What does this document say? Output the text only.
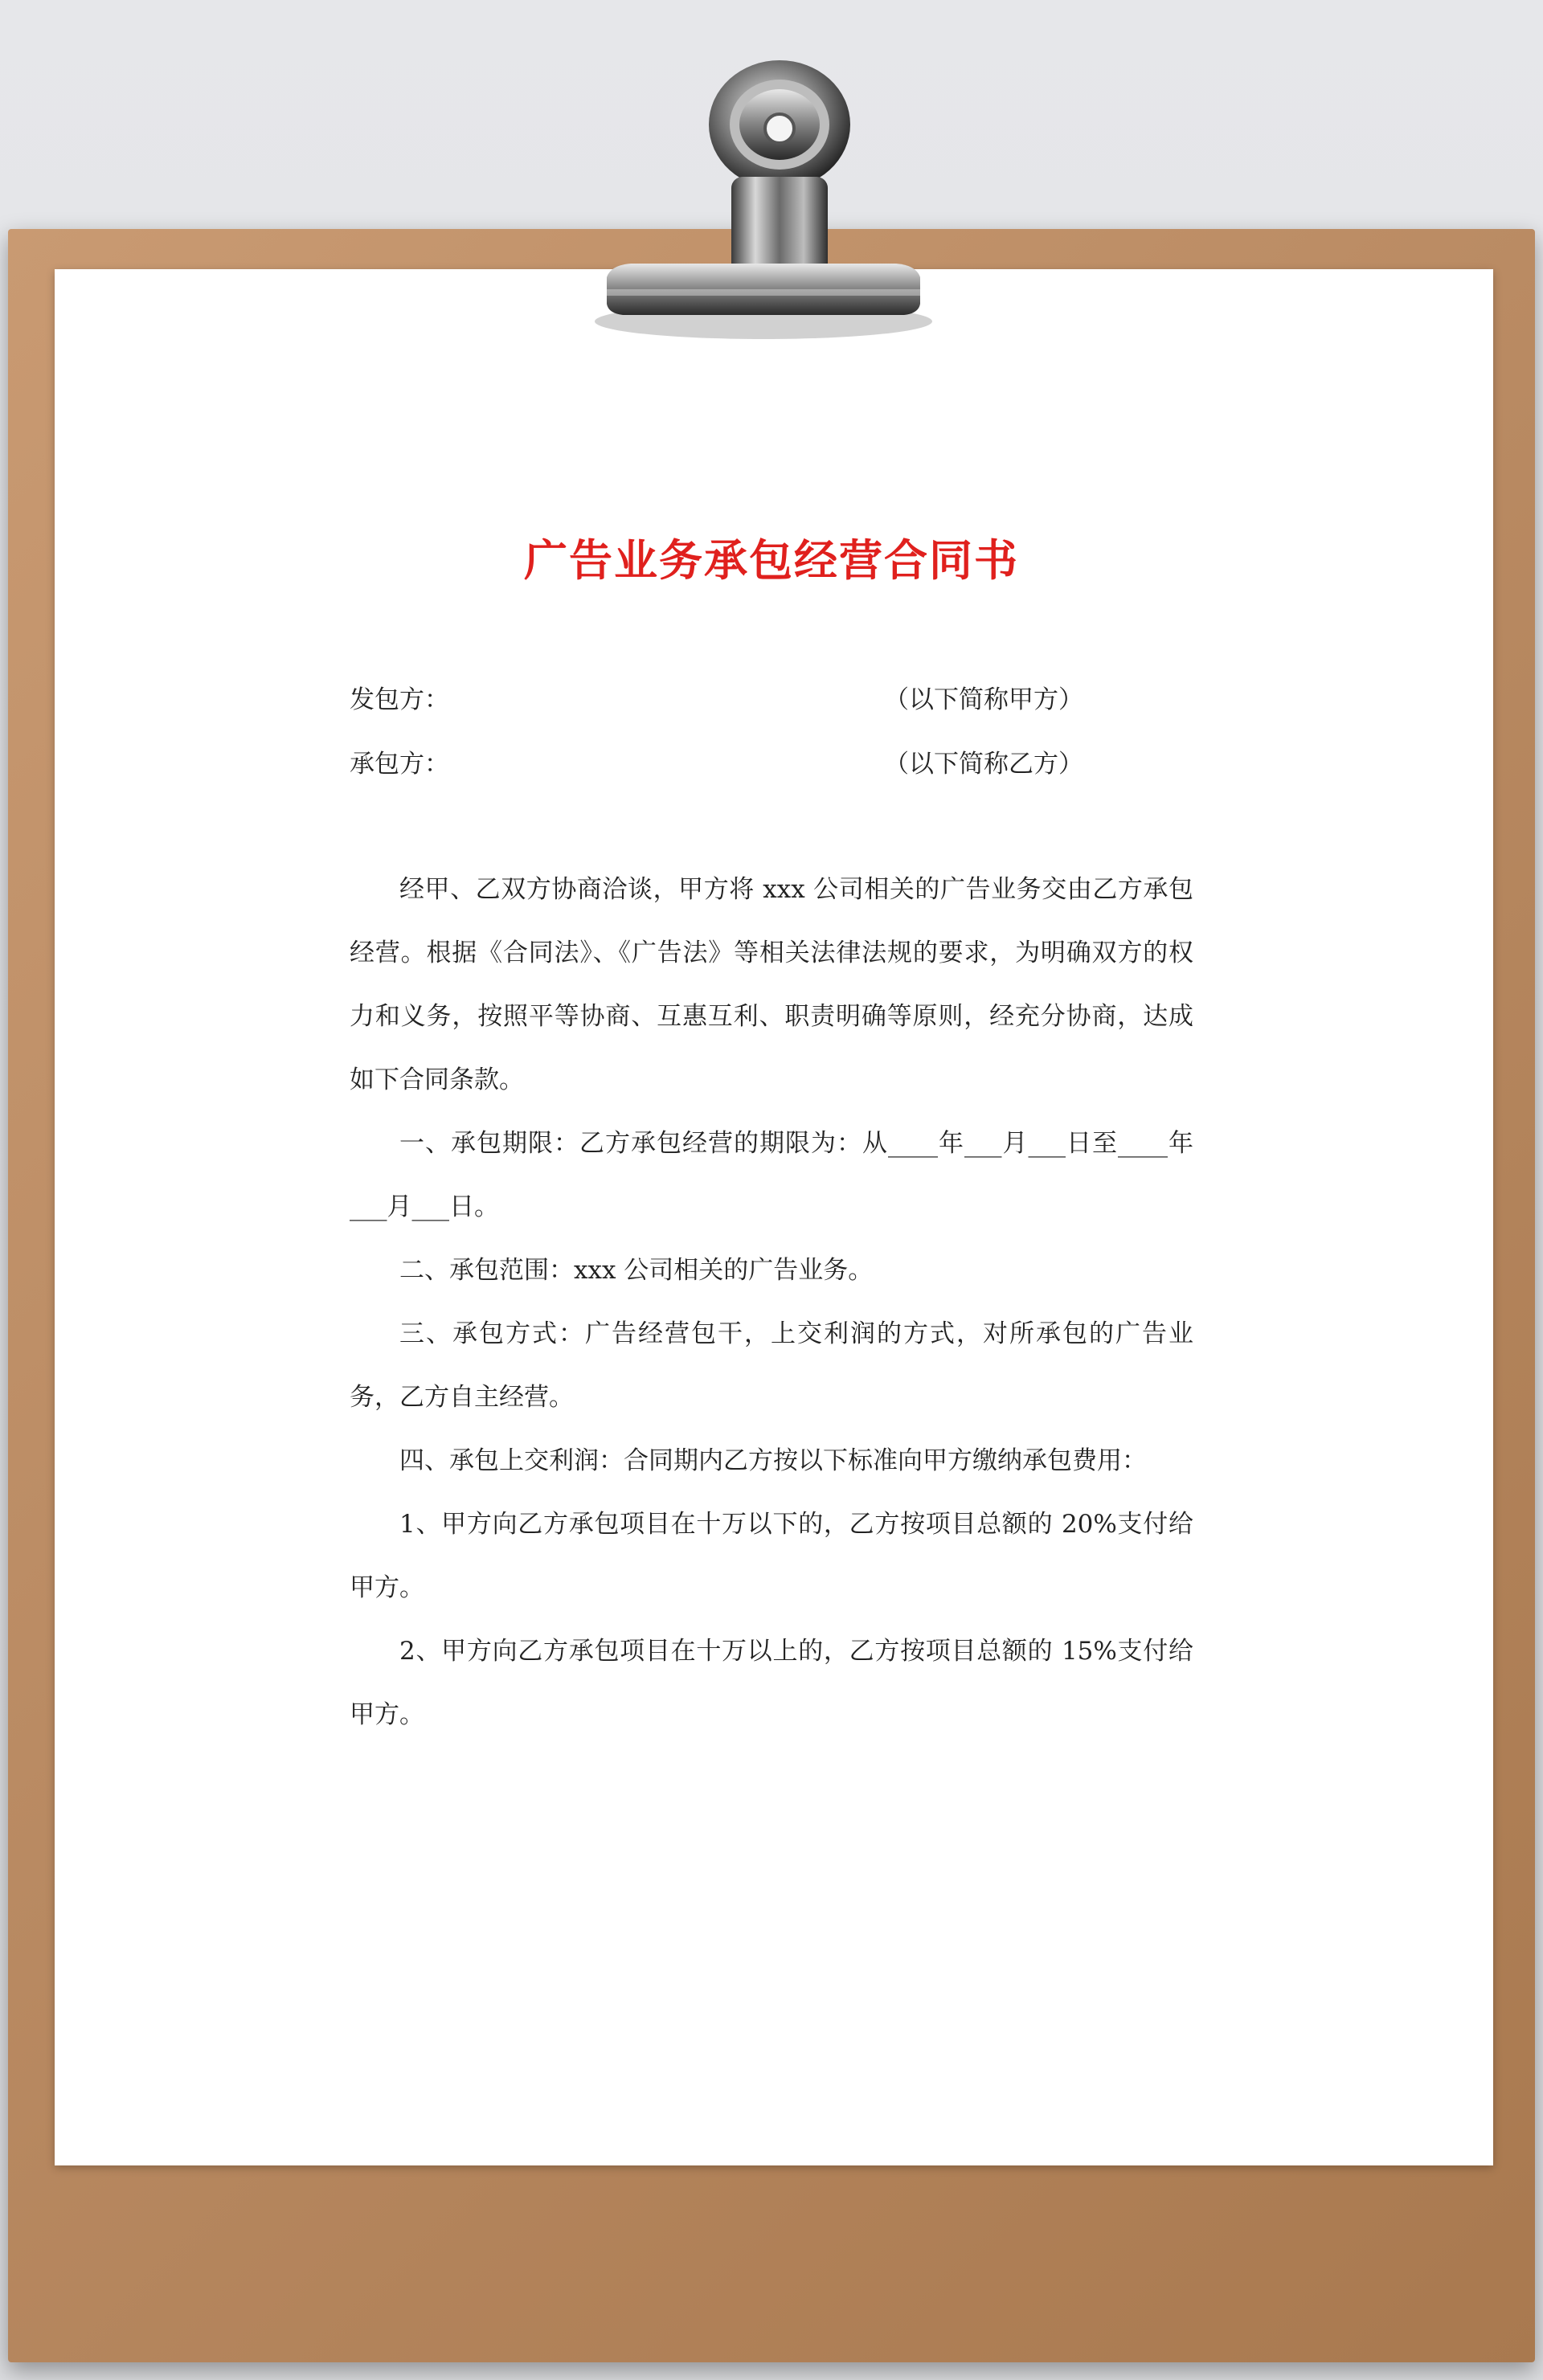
广告业务承包经营合同书
发包方：	（以下简称甲方）
承包方：	（以下简称乙方）

经甲、乙双方协商洽谈，甲方将 xxx 公司相关的广告业务交由乙方承包经营。根据《合同法》、《广告法》等相关法律法规的要求，为明确双方的权力和义务，按照平等协商、互惠互利、职责明确等原则，经充分协商，达成如下合同条款。

一、承包期限：乙方承包经营的期限为：从____年___月___日至____年___月___日。

二、承包范围：xxx 公司相关的广告业务。

三、承包方式：广告经营包干，上交利润的方式，对所承包的广告业务，乙方自主经营。

四、承包上交利润：合同期内乙方按以下标准向甲方缴纳承包费用：

1、甲方向乙方承包项目在十万以下的，乙方按项目总额的 20%支付给甲方。

2、甲方向乙方承包项目在十万以上的，乙方按项目总额的 15%支付给甲方。
